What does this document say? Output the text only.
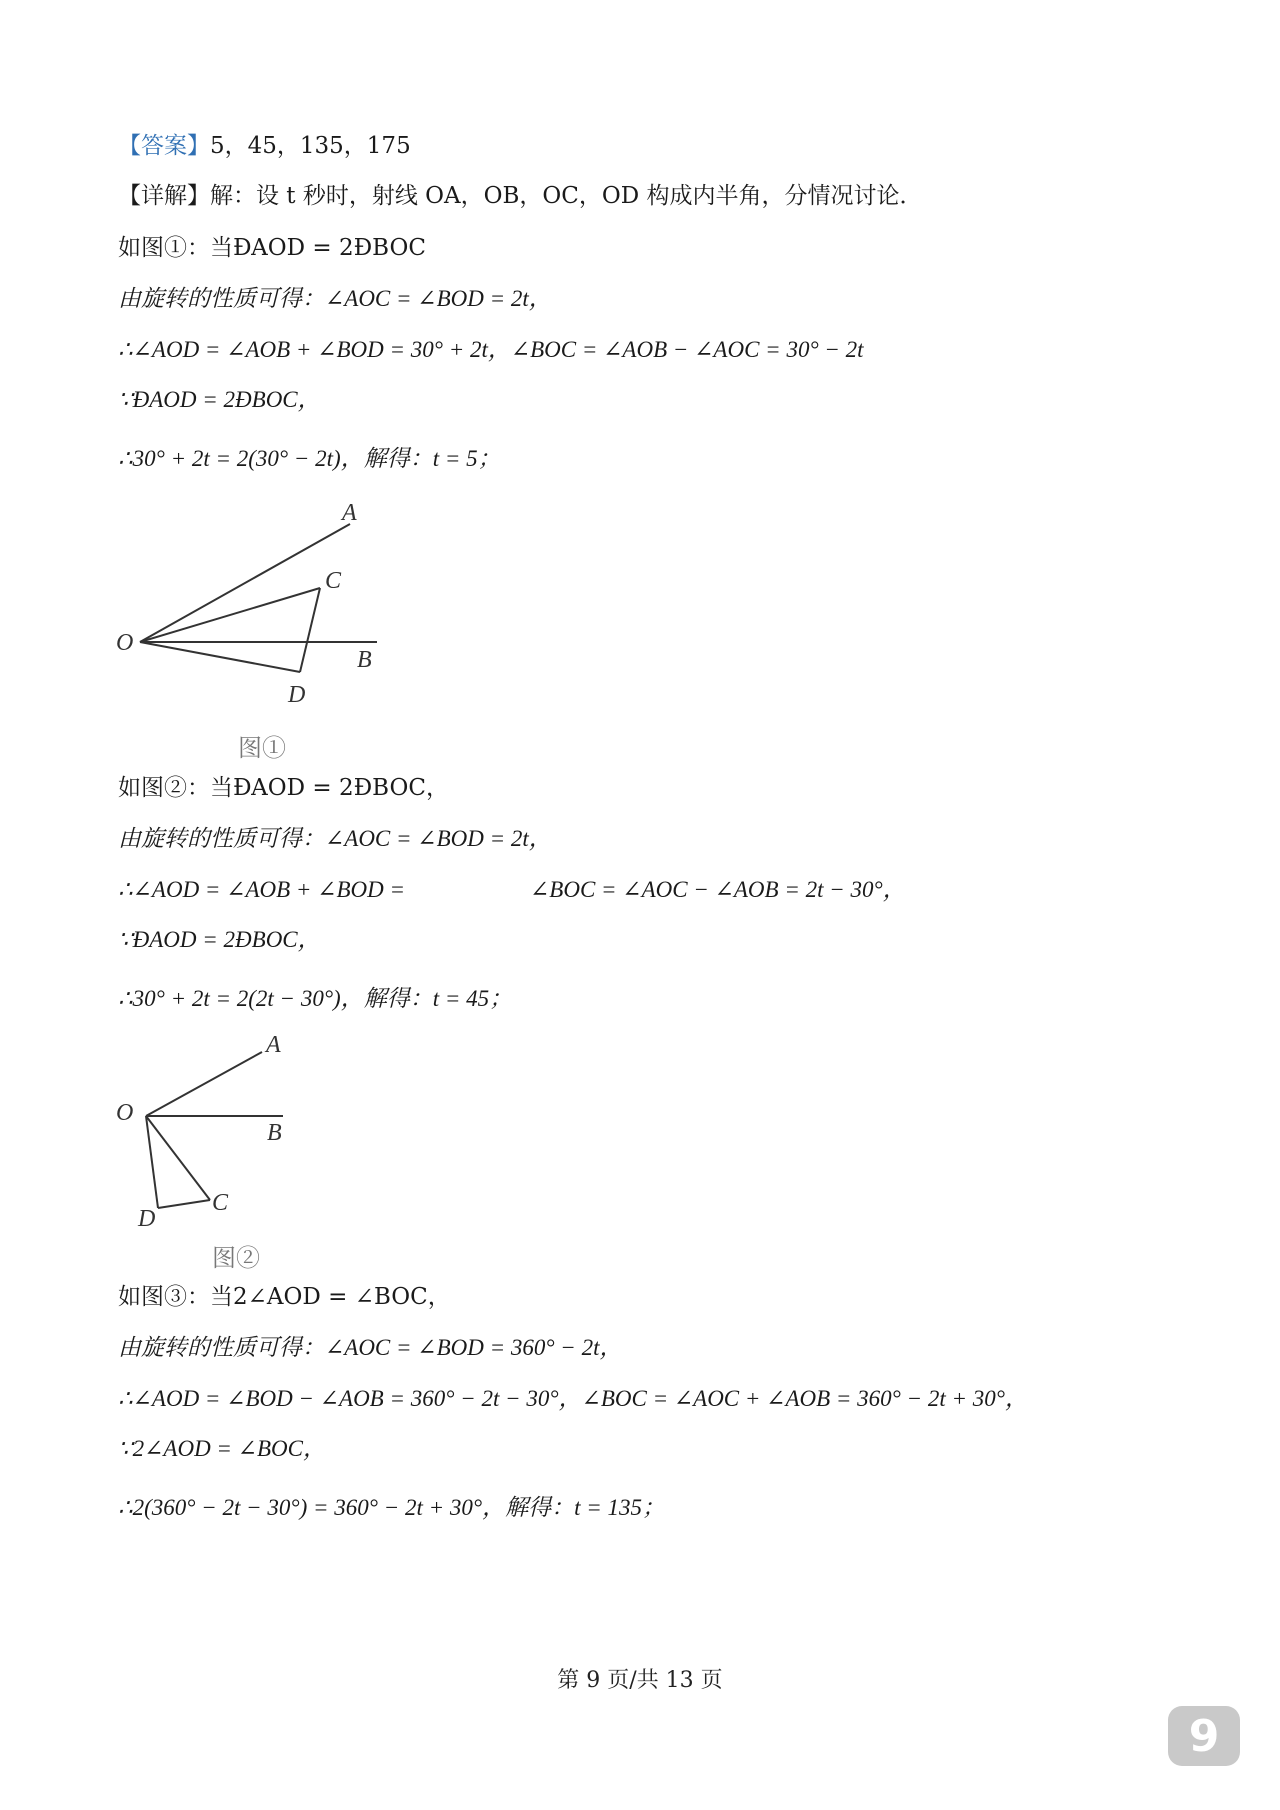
【答案】5，45，135，175
【详解】解：设 t 秒时，射线 OA，OB，OC，OD 构成内半角，分情况讨论．
如图①：当ÐAOD = 2ÐBOC
由旋转的性质可得：∠AOC = ∠BOD = 2t，
∴∠AOD = ∠AOB + ∠BOD = 30° + 2t，∠BOC = ∠AOB − ∠AOC = 30° − 2t
∵ÐAOD = 2ÐBOC，
∴30° + 2t = 2(30° − 2t)，解得：t = 5；
A
C
O
B
D
图①
如图②：当ÐAOD = 2ÐBOC，
由旋转的性质可得：∠AOC = ∠BOD = 2t，
∴∠AOD = ∠AOB + ∠BOD =	∠BOC = ∠AOC − ∠AOB = 2t − 30°，
∵ÐAOD = 2ÐBOC，
∴30° + 2t = 2(2t − 30°)，解得：t = 45；
A
O
B
C
D
图②
如图③：当2∠AOD = ∠BOC，
由旋转的性质可得：∠AOC = ∠BOD = 360° − 2t，
∴∠AOD = ∠BOD − ∠AOB = 360° − 2t − 30°，∠BOC = ∠AOC + ∠AOB = 360° − 2t + 30°，
∵2∠AOD = ∠BOC，
∴2(360° − 2t − 30°) = 360° − 2t + 30°，解得：t = 135；
第 9 页/共 13 页
9
